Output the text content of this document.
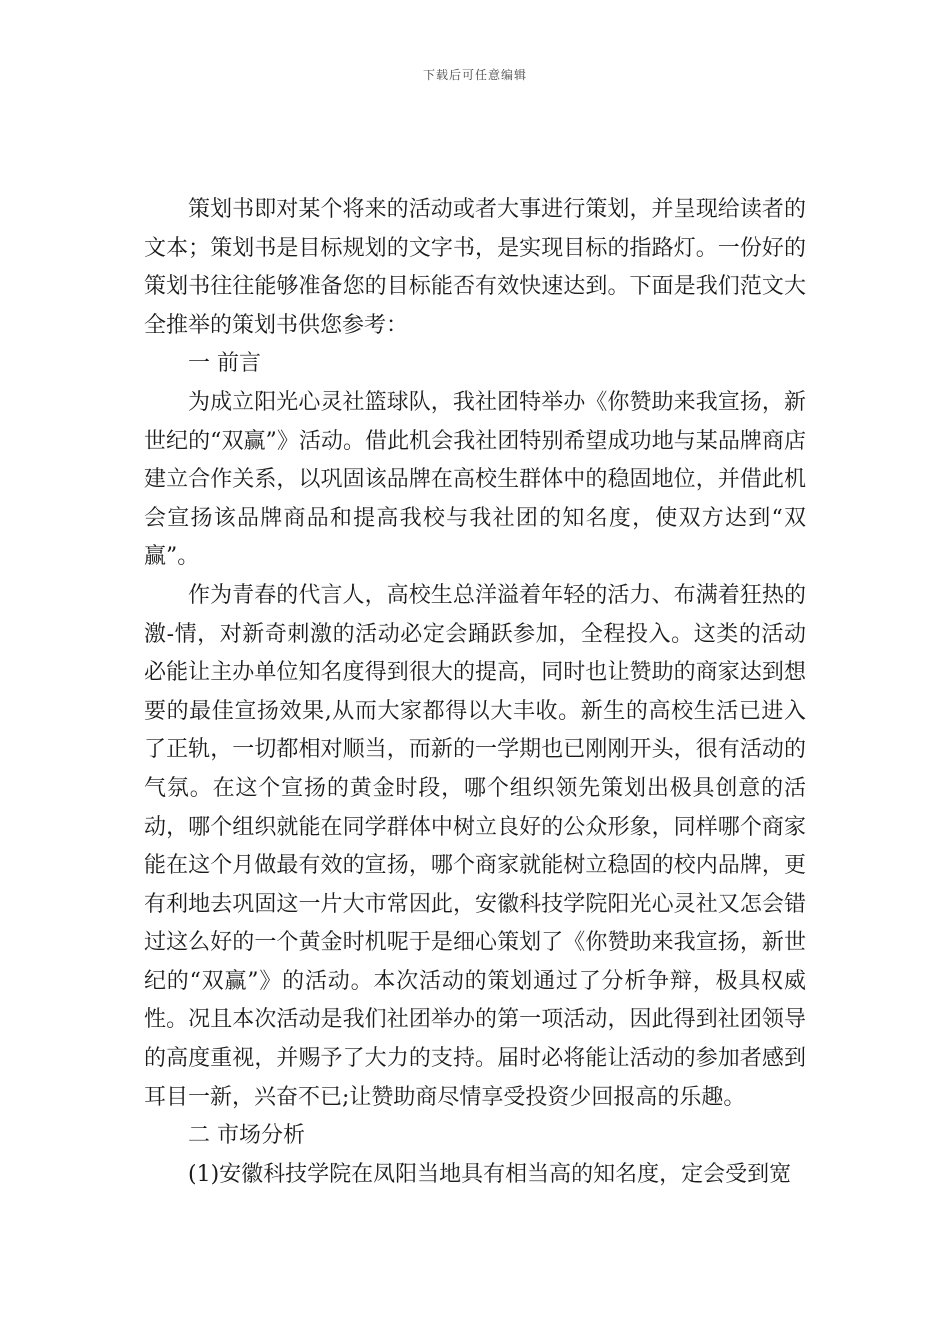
下载后可任意编辑

策划书即对某个将来的活动或者大事进行策划，并呈现给读者的文本；策划书是目标规划的文字书，是实现目标的指路灯。一份好的策划书往往能够准备您的目标能否有效快速达到。下面是我们范文大全推举的策划书供您参考：

一 前言

为成立阳光心灵社篮球队，我社团特举办《你赞助来我宣扬，新世纪的“双赢”》活动。借此机会我社团特别希望成功地与某品牌商店建立合作关系，以巩固该品牌在高校生群体中的稳固地位，并借此机会宣扬该品牌商品和提高我校与我社团的知名度，使双方达到“双赢”。

作为青春的代言人，高校生总洋溢着年轻的活力、布满着狂热的激-情，对新奇刺激的活动必定会踊跃参加，全程投入。这类的活动必能让主办单位知名度得到很大的提高，同时也让赞助的商家达到想要的最佳宣扬效果,从而大家都得以大丰收。新生的高校生活已进入了正轨，一切都相对顺当，而新的一学期也已刚刚开头，很有活动的气氛。在这个宣扬的黄金时段，哪个组织领先策划出极具创意的活动，哪个组织就能在同学群体中树立良好的公众形象，同样哪个商家能在这个月做最有效的宣扬，哪个商家就能树立稳固的校内品牌，更有利地去巩固这一片大市常因此，安徽科技学院阳光心灵社又怎会错过这么好的一个黄金时机呢于是细心策划了《你赞助来我宣扬，新世纪的“双赢”》的活动。本次活动的策划通过了分析争辩，极具权威性。况且本次活动是我们社团举办的第一项活动，因此得到社团领导的高度重视，并赐予了大力的支持。届时必将能让活动的参加者感到耳目一新，兴奋不已;让赞助商尽情享受投资少回报高的乐趣。

二 市场分析

(1)安徽科技学院在凤阳当地具有相当高的知名度，定会受到宽
